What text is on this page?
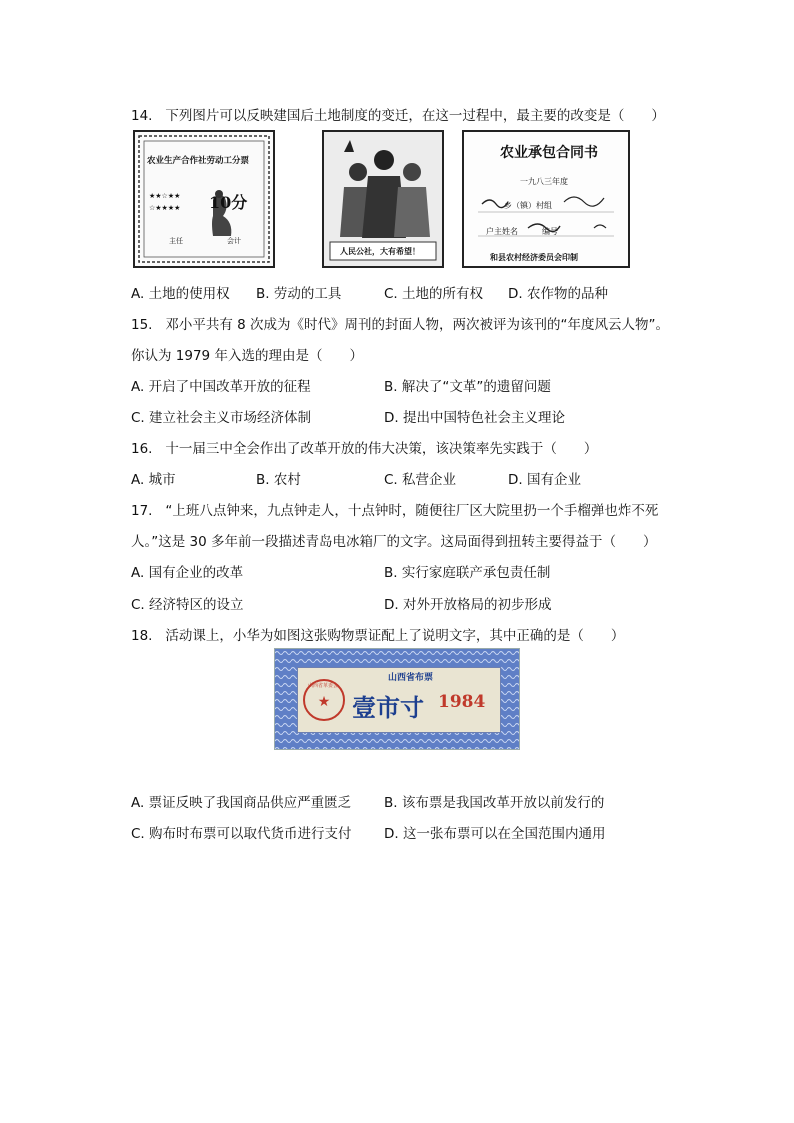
14. 下列图片可以反映建国后土地制度的变迁，在这一过程中，最主要的改变是（　　）
农业生产合作社劳动工分票
★★☆★★
☆★★★★ 10分
主任	会计
人民公社，大有希望！
农业承包合同书
一九八三年度
乡（镇）村组
户主姓名　　　编号
和县农村经济委员会印制
A. 土地的使用权 B. 劳动的工具	C. 土地的所有权 D. 农作物的品种
15. 邓小平共有 8 次成为《时代》周刊的封面人物，两次被评为该刊的“年度风云人物”。
你认为 1979 年入选的理由是（　　）
A. 开启了中国改革开放的征程	B. 解决了“文革”的遗留问题
C. 建立社会主义市场经济体制	D. 提出中国特色社会主义理论
16. 十一届三中全会作出了改革开放的伟大决策，该决策率先实践于（　　）
A. 城市	B. 农村	C. 私营企业	D. 国有企业
17. “上班八点钟来，九点钟走人，十点钟时，随便往厂区大院里扔一个手榴弹也炸不死
人。”这是 30 多年前一段描述青岛电冰箱厂的文字。这局面得到扭转主要得益于（　　）
A. 国有企业的改革	B. 实行家庭联产承包责任制
C. 经济特区的设立	D. 对外开放格局的初步形成
18. 活动课上，小华为如图这张购物票证配上了说明文字，其中正确的是（　　）
★
山西省革委会
山西省布票
壹市寸 1984
A. 票证反映了我国商品供应严重匮乏 B. 该布票是我国改革开放以前发行的
C. 购布时布票可以取代货币进行支付 D. 这一张布票可以在全国范围内通用
